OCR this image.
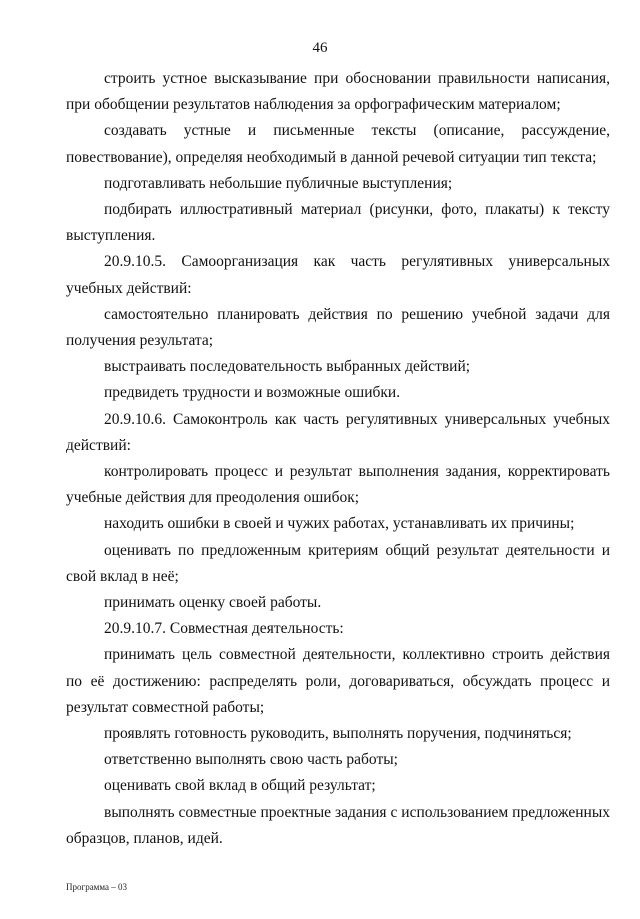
46

строить устное высказывание при обосновании правильности написания, при обобщении результатов наблюдения за орфографическим материалом;

создавать устные и письменные тексты (описание, рассуждение, повествование), определяя необходимый в данной речевой ситуации тип текста;

подготавливать небольшие публичные выступления;

подбирать иллюстративный материал (рисунки, фото, плакаты) к тексту выступления.

20.9.10.5. Самоорганизация как часть регулятивных универсальных учебных действий:

самостоятельно планировать действия по решению учебной задачи для получения результата;

выстраивать последовательность выбранных действий;

предвидеть трудности и возможные ошибки.

20.9.10.6. Самоконтроль как часть регулятивных универсальных учебных действий:

контролировать процесс и результат выполнения задания, корректировать учебные действия для преодоления ошибок;

находить ошибки в своей и чужих работах, устанавливать их причины;

оценивать по предложенным критериям общий результат деятельности и свой вклад в неё;

принимать оценку своей работы.

20.9.10.7. Совместная деятельность:

принимать цель совместной деятельности, коллективно строить действия по её достижению: распределять роли, договариваться, обсуждать процесс и результат совместной работы;

проявлять готовность руководить, выполнять поручения, подчиняться;

ответственно выполнять свою часть работы;

оценивать свой вклад в общий результат;

выполнять совместные проектные задания с использованием предложенных образцов, планов, идей.

Программа – 03
